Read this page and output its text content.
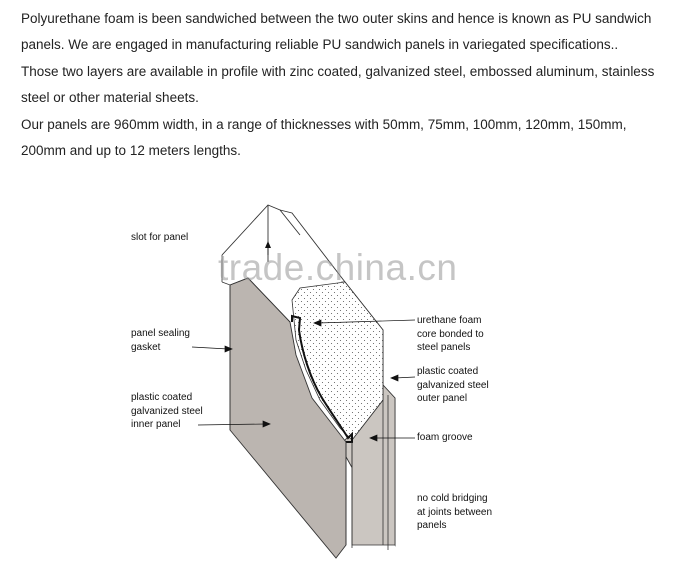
Polyurethane foam is been sandwiched between the two outer skins and hence is known as PU sandwich

panels. We are engaged in manufacturing reliable PU sandwich panels in variegated specifications..

Those two layers are available in profile with zinc coated, galvanized steel, embossed aluminum, stainless

steel or other material sheets.

Our panels are 960mm width, in a range of thicknesses with 50mm, 75mm, 100mm, 120mm, 150mm,

200mm and up to 12 meters lengths.

trade.china.cn
slot for panel
panel sealing
gasket
plastic coated
galvanized steel
inner panel
urethane foam
core bonded to
steel panels
plastic coated
galvanized steel
outer panel
foam groove
no cold bridging
at joints between
panels
